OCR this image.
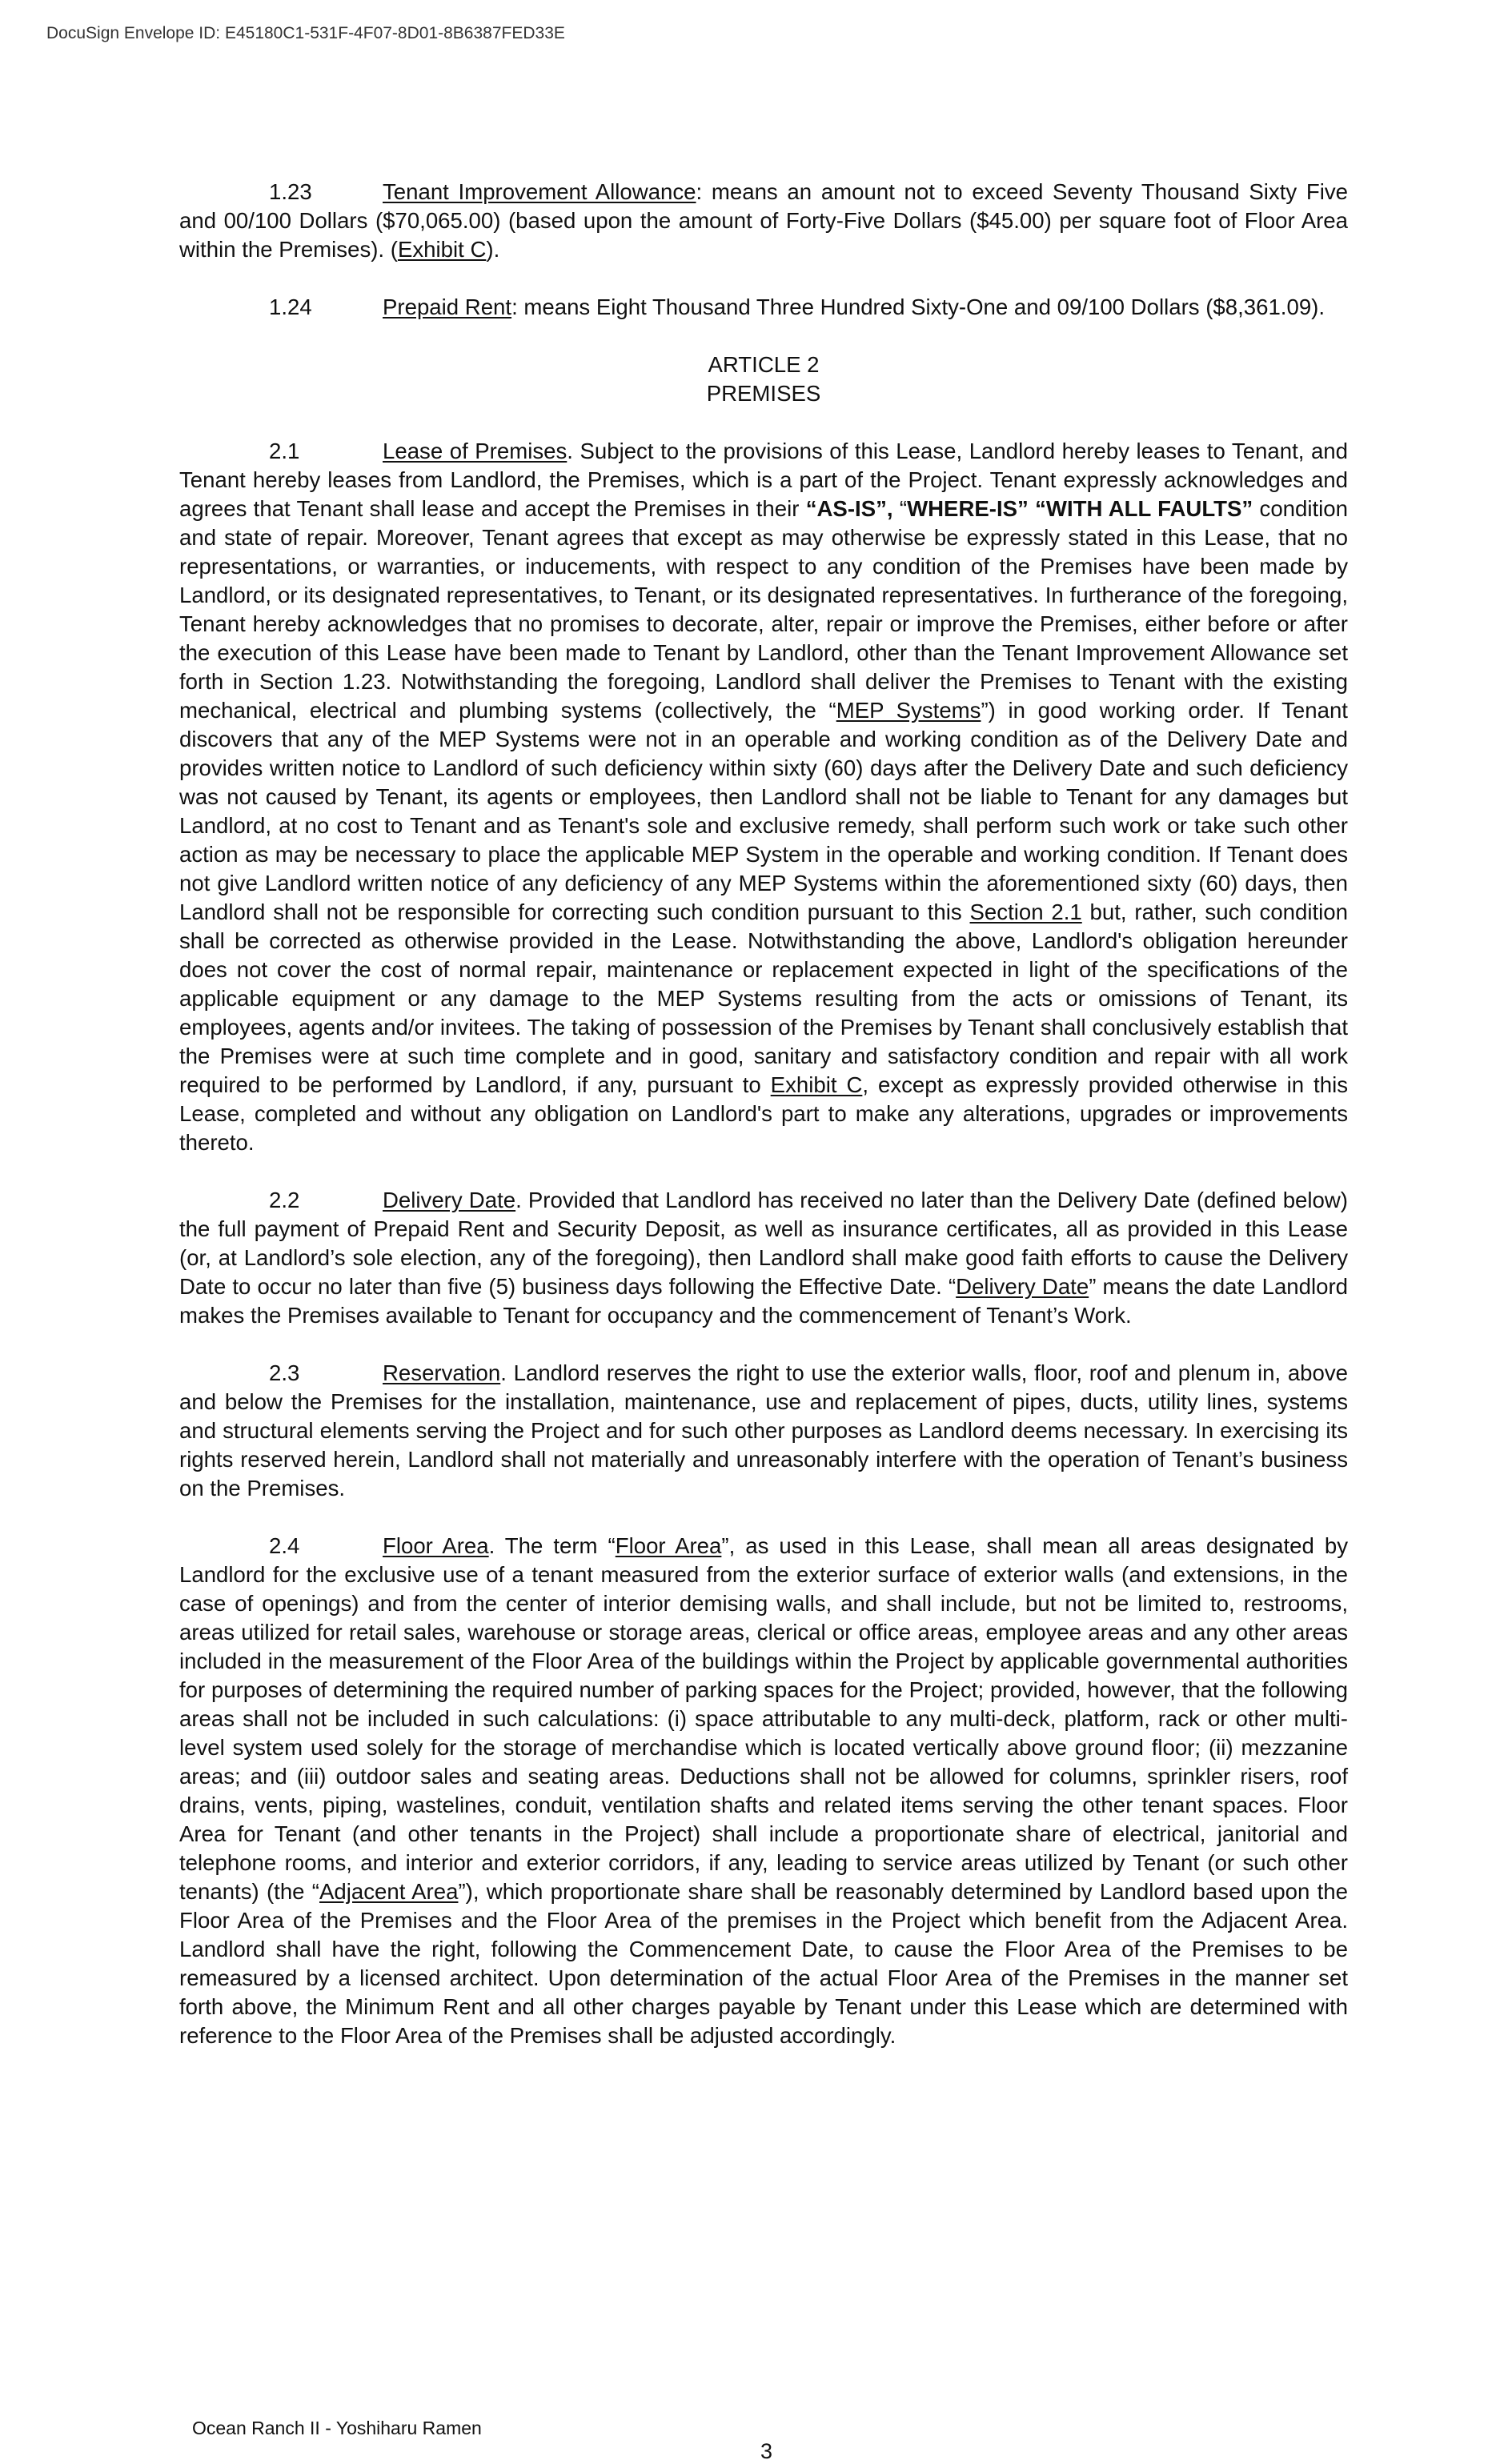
DocuSign Envelope ID: E45180C1-531F-4F07-8D01-8B6387FED33E

1.23	Tenant Improvement Allowance: means an amount not to exceed Seventy Thousand Sixty Five and 00/100 Dollars ($70,065.00) (based upon the amount of Forty-Five Dollars ($45.00) per square foot of Floor Area within the Premises). (Exhibit C).

1.24	Prepaid Rent: means Eight Thousand Three Hundred Sixty-One and 09/100 Dollars ($8,361.09).

ARTICLE 2
PREMISES

2.1	Lease of Premises. Subject to the provisions of this Lease, Landlord hereby leases to Tenant, and Tenant hereby leases from Landlord, the Premises, which is a part of the Project. Tenant expressly acknowledges and agrees that Tenant shall lease and accept the Premises in their “AS-IS”, “WHERE-IS” “WITH ALL FAULTS” condition and state of repair. Moreover, Tenant agrees that except as may otherwise be expressly stated in this Lease, that no representations, or warranties, or inducements, with respect to any condition of the Premises have been made by Landlord, or its designated representatives, to Tenant, or its designated representatives. In furtherance of the foregoing, Tenant hereby acknowledges that no promises to decorate, alter, repair or improve the Premises, either before or after the execution of this Lease have been made to Tenant by Landlord, other than the Tenant Improvement Allowance set forth in Section 1.23. Notwithstanding the foregoing, Landlord shall deliver the Premises to Tenant with the existing mechanical, electrical and plumbing systems (collectively, the “MEP Systems”) in good working order. If Tenant discovers that any of the MEP Systems were not in an operable and working condition as of the Delivery Date and provides written notice to Landlord of such deficiency within sixty (60) days after the Delivery Date and such deficiency was not caused by Tenant, its agents or employees, then Landlord shall not be liable to Tenant for any damages but Landlord, at no cost to Tenant and as Tenant's sole and exclusive remedy, shall perform such work or take such other action as may be necessary to place the applicable MEP System in the operable and working condition. If Tenant does not give Landlord written notice of any deficiency of any MEP Systems within the aforementioned sixty (60) days, then Landlord shall not be responsible for correcting such condition pursuant to this Section 2.1 but, rather, such condition shall be corrected as otherwise provided in the Lease. Notwithstanding the above, Landlord's obligation hereunder does not cover the cost of normal repair, maintenance or replacement expected in light of the specifications of the applicable equipment or any damage to the MEP Systems resulting from the acts or omissions of Tenant, its employees, agents and/or invitees. The taking of possession of the Premises by Tenant shall conclusively establish that the Premises were at such time complete and in good, sanitary and satisfactory condition and repair with all work required to be performed by Landlord, if any, pursuant to Exhibit C, except as expressly provided otherwise in this Lease, completed and without any obligation on Landlord's part to make any alterations, upgrades or improvements thereto.

2.2	Delivery Date. Provided that Landlord has received no later than the Delivery Date (defined below) the full payment of Prepaid Rent and Security Deposit, as well as insurance certificates, all as provided in this Lease (or, at Landlord’s sole election, any of the foregoing), then Landlord shall make good faith efforts to cause the Delivery Date to occur no later than five (5) business days following the Effective Date. “Delivery Date” means the date Landlord makes the Premises available to Tenant for occupancy and the commencement of Tenant’s Work.

2.3	Reservation. Landlord reserves the right to use the exterior walls, floor, roof and plenum in, above and below the Premises for the installation, maintenance, use and replacement of pipes, ducts, utility lines, systems and structural elements serving the Project and for such other purposes as Landlord deems necessary. In exercising its rights reserved herein, Landlord shall not materially and unreasonably interfere with the operation of Tenant’s business on the Premises.

2.4	Floor Area. The term “Floor Area”, as used in this Lease, shall mean all areas designated by Landlord for the exclusive use of a tenant measured from the exterior surface of exterior walls (and extensions, in the case of openings) and from the center of interior demising walls, and shall include, but not be limited to, restrooms, areas utilized for retail sales, warehouse or storage areas, clerical or office areas, employee areas and any other areas included in the measurement of the Floor Area of the buildings within the Project by applicable governmental authorities for purposes of determining the required number of parking spaces for the Project; provided, however, that the following areas shall not be included in such calculations: (i) space attributable to any multi-deck, platform, rack or other multi-level system used solely for the storage of merchandise which is located vertically above ground floor; (ii) mezzanine areas; and (iii) outdoor sales and seating areas. Deductions shall not be allowed for columns, sprinkler risers, roof drains, vents, piping, wastelines, conduit, ventilation shafts and related items serving the other tenant spaces. Floor Area for Tenant (and other tenants in the Project) shall include a proportionate share of electrical, janitorial and telephone rooms, and interior and exterior corridors, if any, leading to service areas utilized by Tenant (or such other tenants) (the “Adjacent Area”), which proportionate share shall be reasonably determined by Landlord based upon the Floor Area of the Premises and the Floor Area of the premises in the Project which benefit from the Adjacent Area. Landlord shall have the right, following the Commencement Date, to cause the Floor Area of the Premises to be remeasured by a licensed architect. Upon determination of the actual Floor Area of the Premises in the manner set forth above, the Minimum Rent and all other charges payable by Tenant under this Lease which are determined with reference to the Floor Area of the Premises shall be adjusted accordingly.

Ocean Ranch II - Yoshiharu Ramen
3
